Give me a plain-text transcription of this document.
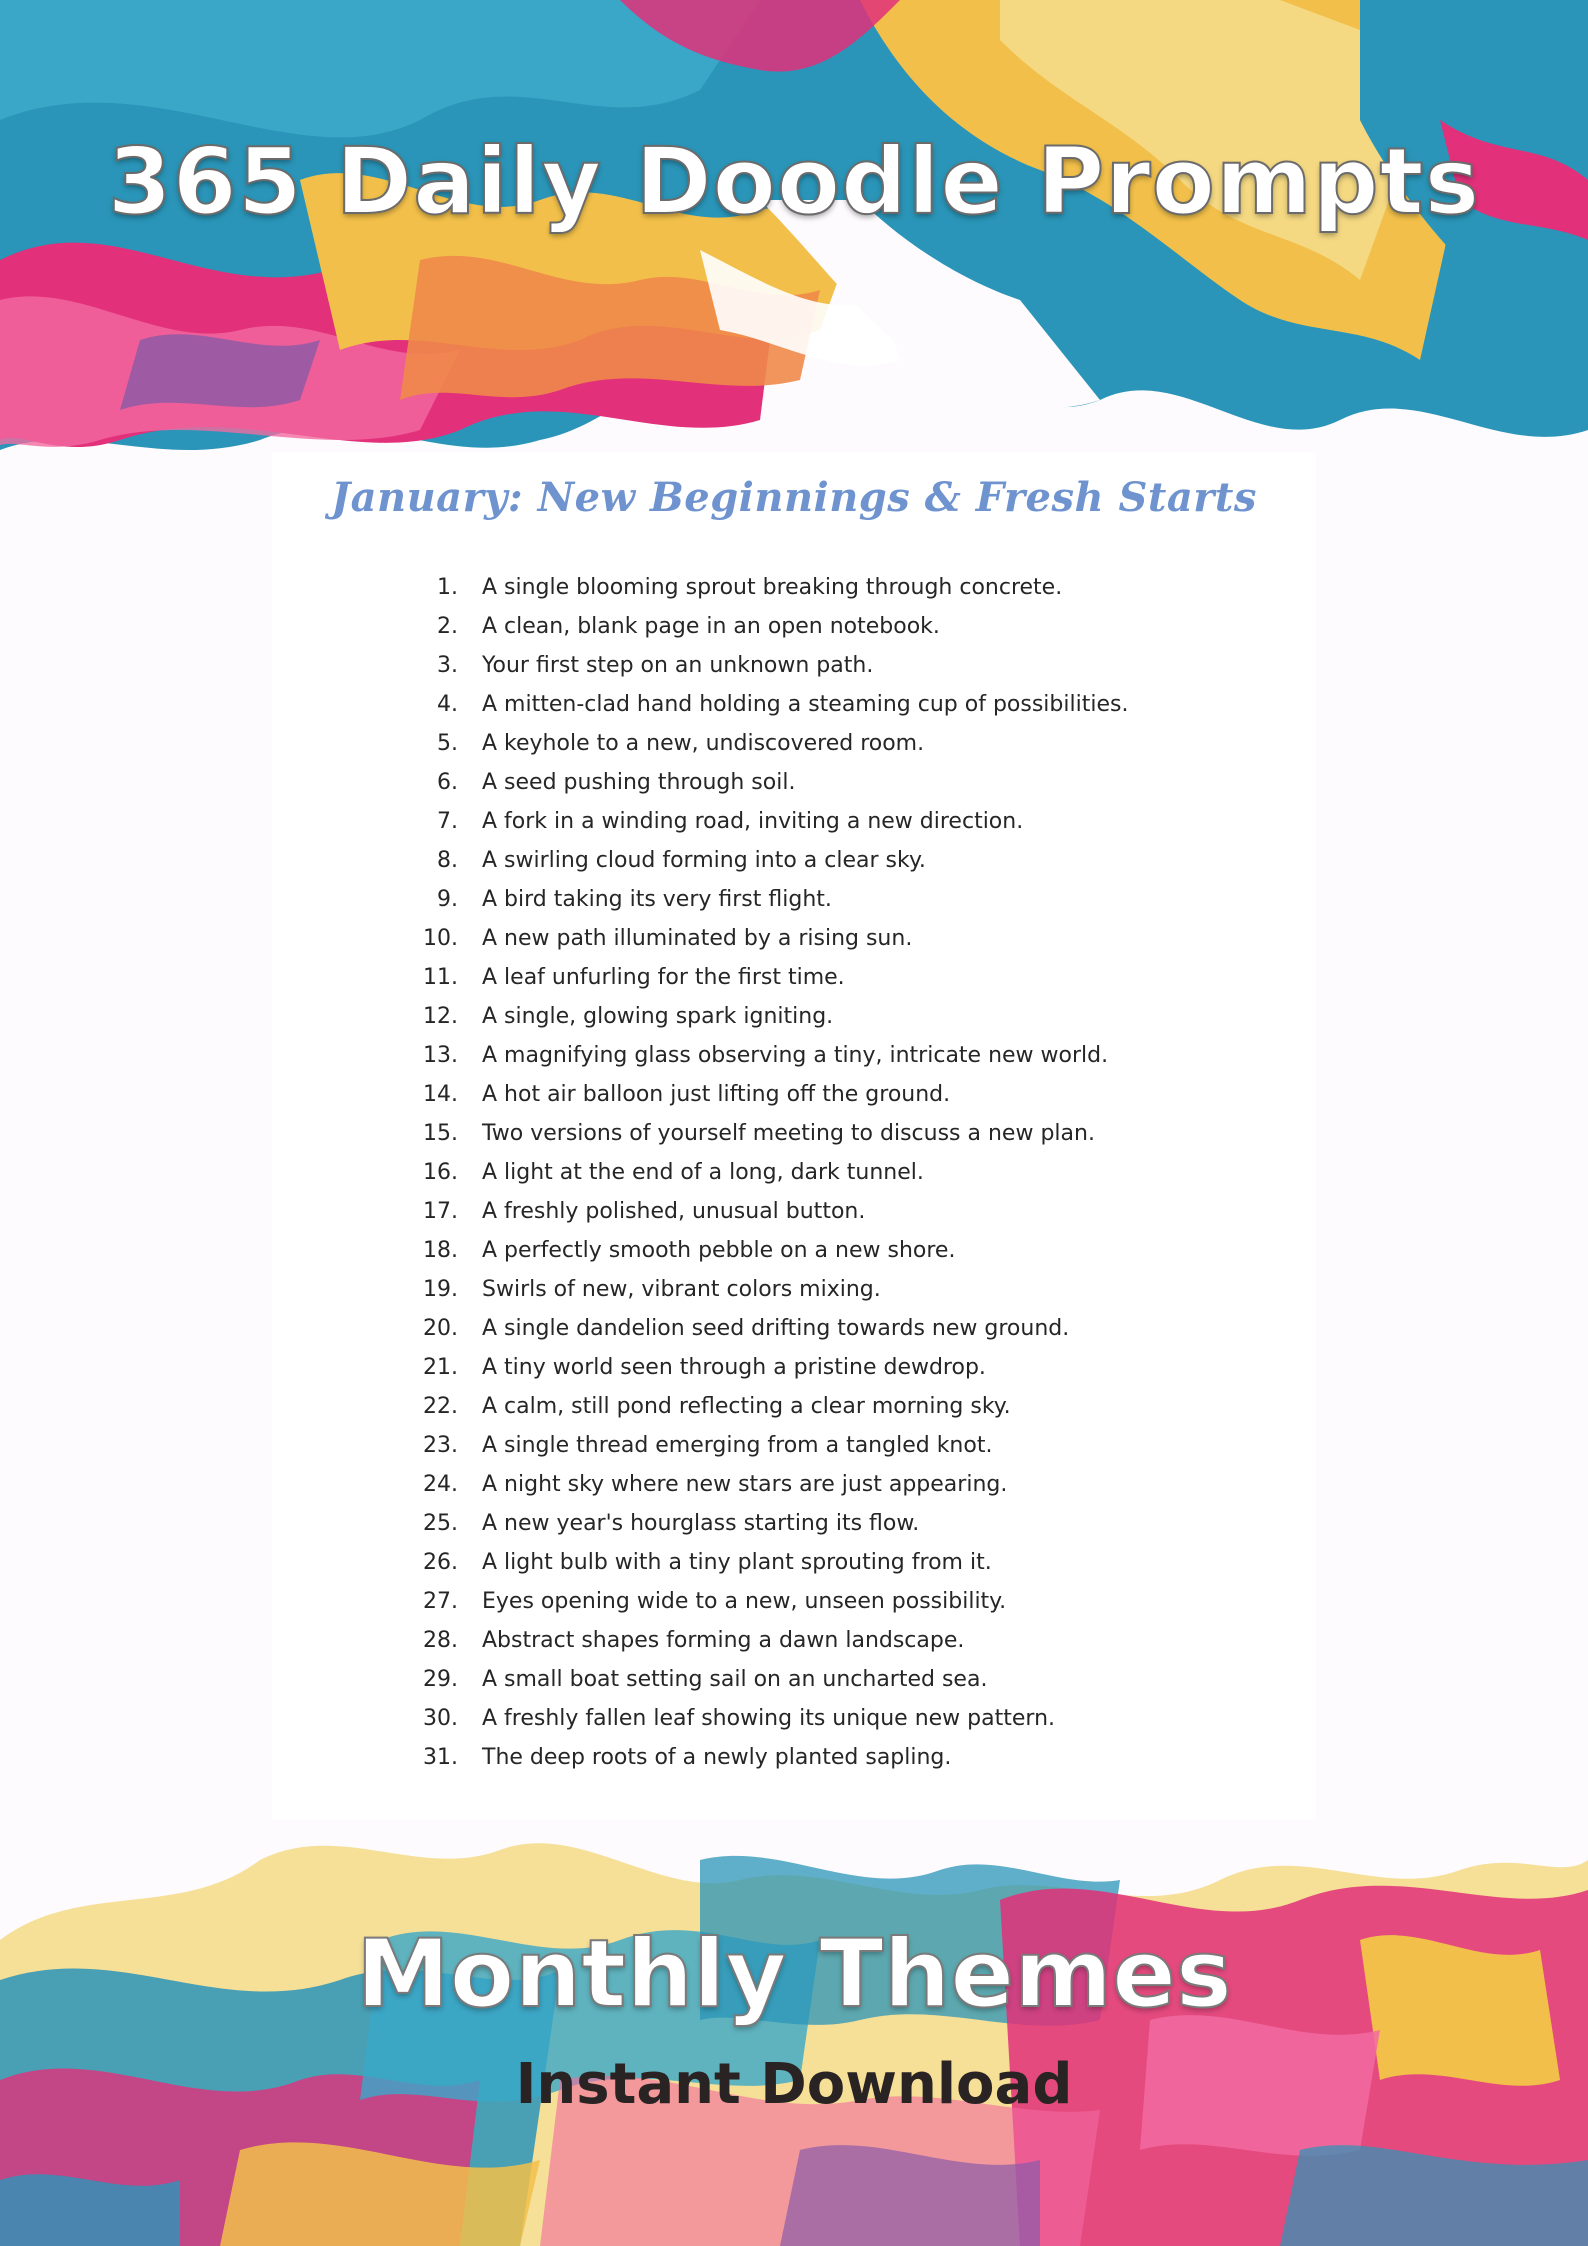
365 Daily Doodle Prompts
January: New Beginnings & Fresh Starts
1. A single blooming sprout breaking through concrete.
2. A clean, blank page in an open notebook.
3. Your first step on an unknown path.
4. A mitten-clad hand holding a steaming cup of possibilities.
5. A keyhole to a new, undiscovered room.
6. A seed pushing through soil.
7. A fork in a winding road, inviting a new direction.
8. A swirling cloud forming into a clear sky.
9. A bird taking its very first flight.
10. A new path illuminated by a rising sun.
11. A leaf unfurling for the first time.
12. A single, glowing spark igniting.
13. A magnifying glass observing a tiny, intricate new world.
14. A hot air balloon just lifting off the ground.
15. Two versions of yourself meeting to discuss a new plan.
16. A light at the end of a long, dark tunnel.
17. A freshly polished, unusual button.
18. A perfectly smooth pebble on a new shore.
19. Swirls of new, vibrant colors mixing.
20. A single dandelion seed drifting towards new ground.
21. A tiny world seen through a pristine dewdrop.
22. A calm, still pond reflecting a clear morning sky.
23. A single thread emerging from a tangled knot.
24. A night sky where new stars are just appearing.
25. A new year's hourglass starting its flow.
26. A light bulb with a tiny plant sprouting from it.
27. Eyes opening wide to a new, unseen possibility.
28. Abstract shapes forming a dawn landscape.
29. A small boat setting sail on an uncharted sea.
30. A freshly fallen leaf showing its unique new pattern.
31. The deep roots of a newly planted sapling.
Monthly Themes
Instant Download
